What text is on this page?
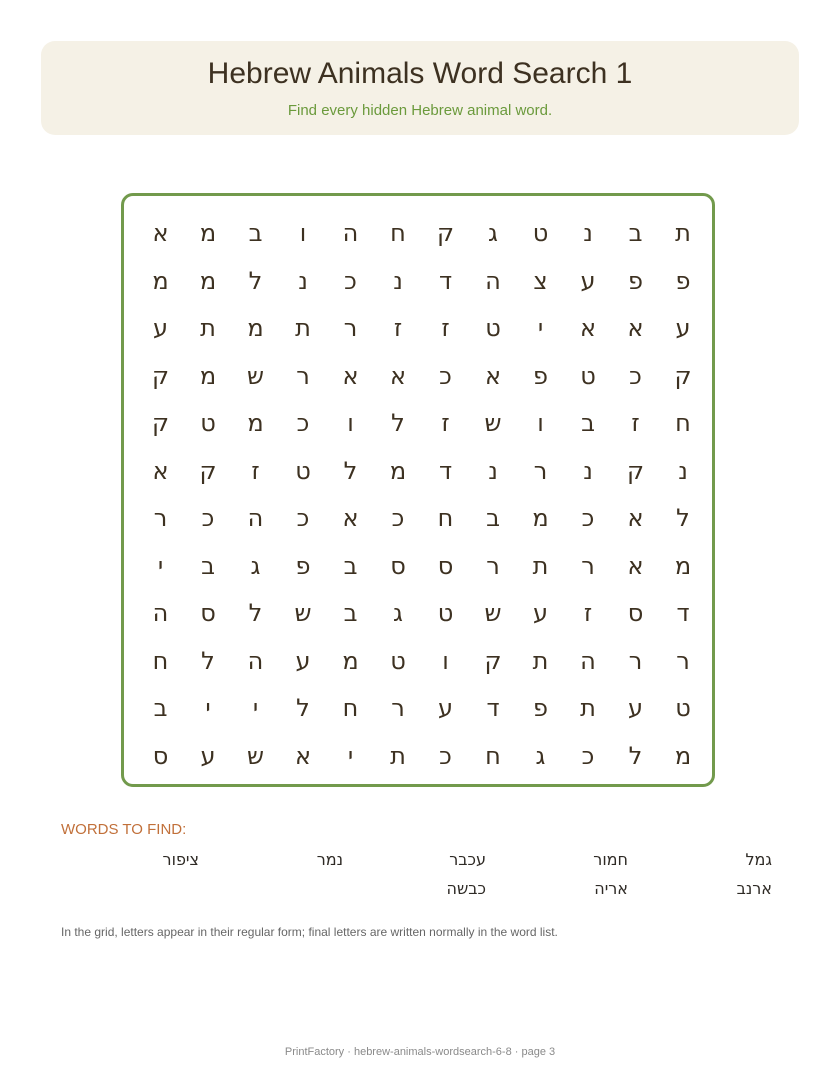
Hebrew Animals Word Search 1
Find every hidden Hebrew animal word.
ת
ב
נ
ט
ג
ק
ח
ה
ו
ב
מ
א
פ
פ
ע
צ
ה
ד
נ
כ
נ
ל
מ
מ
ע
א
א
י
ט
ז
ז
ר
ת
מ
ת
ע
ק
כ
ט
פ
א
כ
א
א
ר
ש
מ
ק
ח
ז
ב
ו
ש
ז
ל
ו
כ
מ
ט
ק
נ
ק
נ
ר
נ
ד
מ
ל
ט
ז
ק
א
ל
א
כ
מ
ב
ח
כ
א
כ
ה
כ
ר
מ
א
ר
ת
ר
ס
ס
ב
פ
ג
ב
י
ד
ס
ז
ע
ש
ט
ג
ב
ש
ל
ס
ה
ר
ר
ה
ת
ק
ו
ט
מ
ע
ה
ל
ח
ט
ע
ת
פ
ד
ע
ר
ח
ל
י
י
ב
מ
ל
כ
ג
ח
כ
ת
י
א
ש
ע
ס
WORDS TO FIND:
גמל
חמור
עכבר
נמר
ציפור
ארנב
אריה
כבשה
In the grid, letters appear in their regular form; final letters are written normally in the word list.
PrintFactory · hebrew-animals-wordsearch-6-8 · page 3
